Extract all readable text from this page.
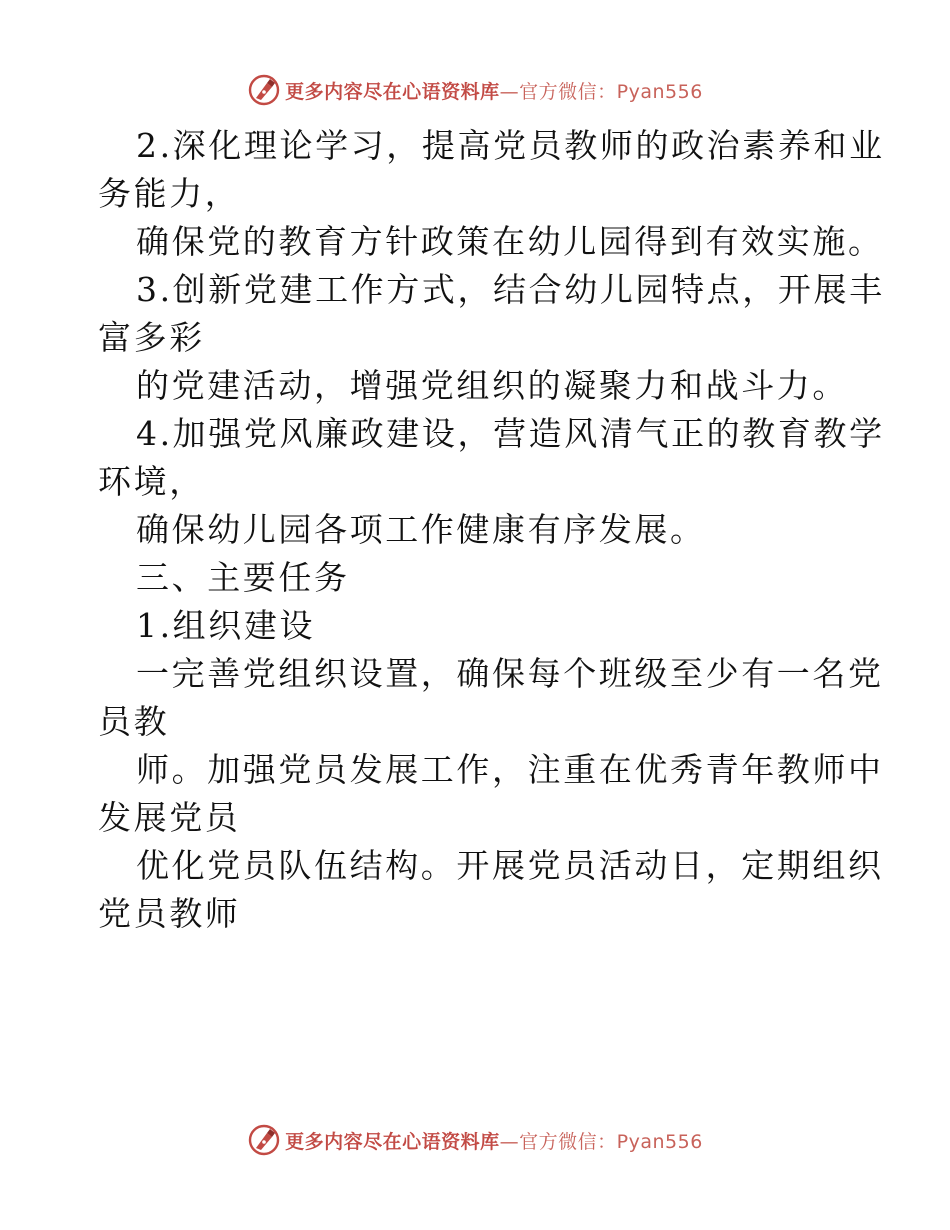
更多内容尽在心语资料库—官方微信：Pyan556

2.深化理论学习，提高党员教师的政治素养和业

务能力，

确保党的教育方针政策在幼儿园得到有效实施。

3.创新党建工作方式，结合幼儿园特点，开展丰

富多彩

的党建活动，增强党组织的凝聚力和战斗力。

4.加强党风廉政建设，营造风清气正的教育教学

环境，

确保幼儿园各项工作健康有序发展。

三、主要任务

1.组织建设

一完善党组织设置，确保每个班级至少有一名党

员教

师。加强党员发展工作，注重在优秀青年教师中

发展党员

优化党员队伍结构。开展党员活动日，定期组织

党员教师

更多内容尽在心语资料库—官方微信：Pyan556
